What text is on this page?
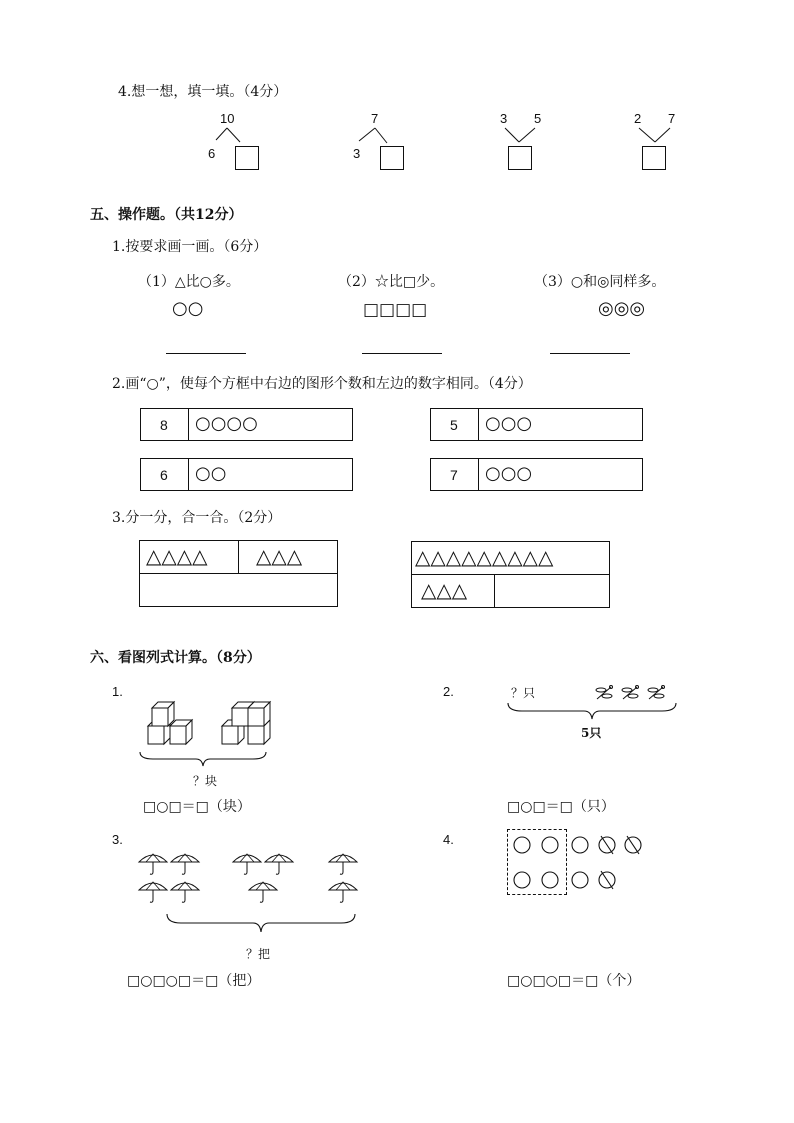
4.想一想，填一填。（4分）
10
6
7
3
3 5	2 7
五、操作题。（共12分）
1.按要求画一画。（6分）
（1）△比○多。
○○
（2）☆比□少。
□□□□
（3）○和◎同样多。
◎◎◎
2.画“○”，使每个方框中右边的图形个数和左边的数字相同。（4分）
8 ○○○○	5 ○○○
6 ○○	7 ○○○
3.分一分，合一合。（2分）
△△△△ △△△	△△△△△△△△△
△△△
六、看图列式计算。（8分）
1.
？块
□○□＝□（块）
2.	？只
5只
□○□＝□（只）
3.
？把
□○□○□＝□（把）
4.
□○□○□＝□（个）
